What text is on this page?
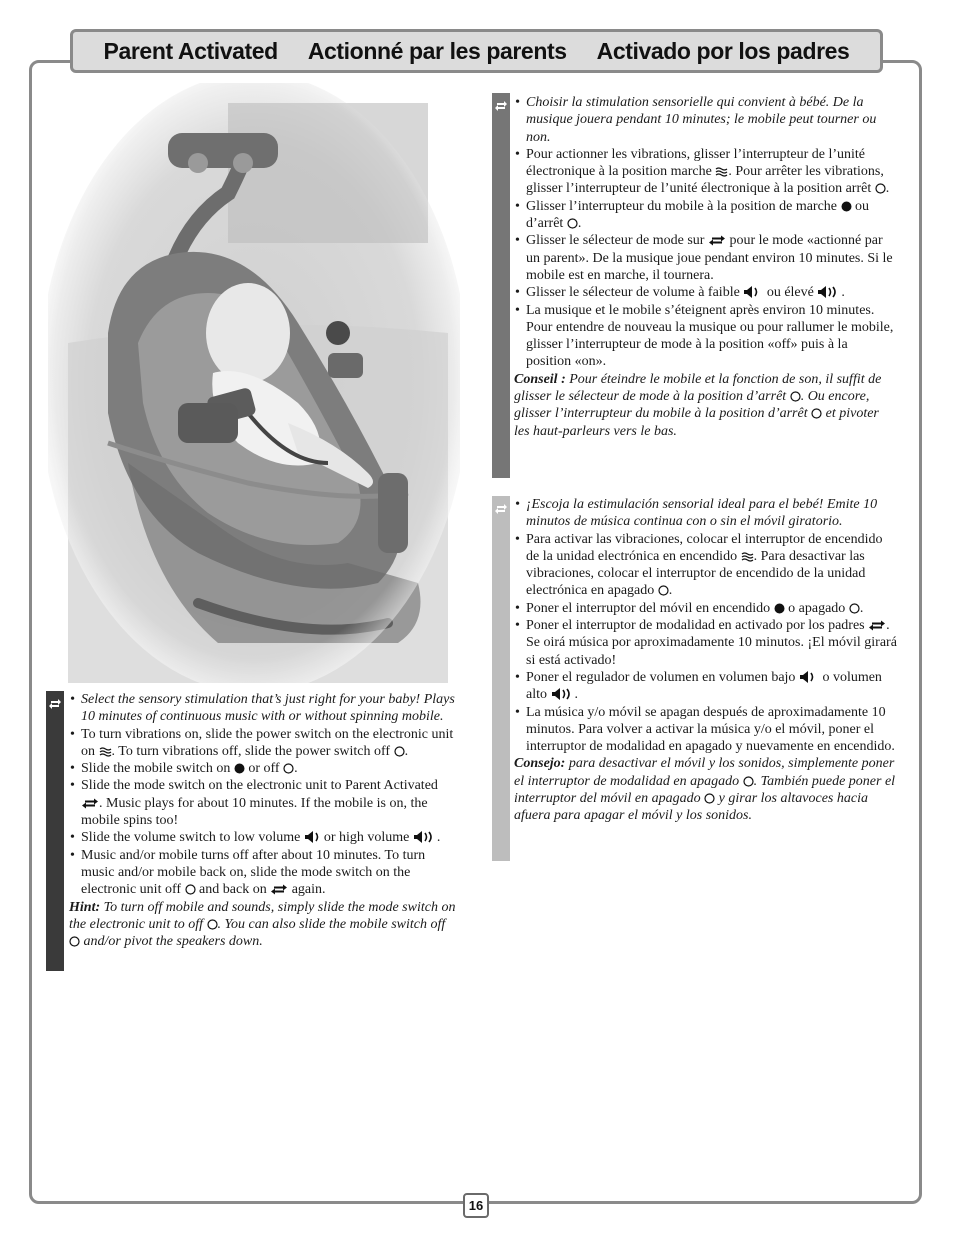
Parent Activated Actionné par les parents Activado por los padres
• Select the sensory stimulation that’s just right for your baby! Plays 10 minutes of continuous music with or without spinning mobile.
• To turn vibrations on, slide the power switch on the electronic unit on . To turn vibrations off, slide the power switch off .
• Slide the mobile switch on or off .
• Slide the mode switch on the electronic unit to Parent Activated . Music plays for about 10 minutes. If the mobile is on, the mobile spins too!
• Slide the volume switch to low volume or high volume .
• Music and/or mobile turns off after about 10 minutes. To turn music and/or mobile back on, slide the mode switch on the electronic unit off and back on again.

Hint: To turn off mobile and sounds, simply slide the mode switch on the electronic unit to off . You can also slide the mobile switch off  and/or pivot the speakers down.

• Choisir la stimulation sensorielle qui convient à bébé. De la musique jouera pendant 10 minutes; le mobile peut tourner ou non.
• Pour actionner les vibrations, glisser l’interrupteur de l’unité électronique à la position marche . Pour arrêter les vibrations, glisser l’interrupteur de l’unité électronique à la position arrêt .
• Glisser l’interrupteur du mobile à la position de marche ou d’arrêt .
• Glisser le sélecteur de mode sur pour le mode «actionné par un parent». De la musique joue pendant environ 10 minutes. Si le mobile est en marche, il tournera.
• Glisser le sélecteur de volume à faible ou élevé .
• La musique et le mobile s’éteignent après environ 10 minutes. Pour entendre de nouveau la musique ou pour rallumer le mobile, glisser l’interrupteur de mode à la position «off» puis à la position «on».

Conseil : Pour éteindre le mobile et la fonction de son, il suffit de glisser le sélecteur de mode à la position d’arrêt . Ou encore, glisser l’interrupteur du mobile à la position d’arrêt et pivoter les haut-parleurs vers le bas.

• ¡Escoja la estimulación sensorial ideal para el bebé! Emite 10 minutos de música continua con o sin el móvil giratorio.
• Para activar las vibraciones, colocar el interruptor de encendido de la unidad electrónica en encendido . Para desactivar las vibraciones, colocar el interruptor de encendido de la unidad electrónica en apagado .
• Poner el interruptor del móvil en encendido o apagado .
• Poner el interruptor de modalidad en activado por los padres . Se oirá música por aproximadamente 10 minutos. ¡El móvil girará si está activado!
• Poner el regulador de volumen en volumen bajo o volumen alto .
• La música y/o móvil se apagan después de aproximadamente 10 minutos. Para volver a activar la música y/o el móvil, poner el interruptor de modalidad en apagado y nuevamente en encendido.

Consejo: para desactivar el móvil y los sonidos, simplemente poner el interruptor de modalidad en apagado . También puede poner el interruptor del móvil en apagado y girar los altavoces hacia afuera para apagar el móvil y los sonidos.

16
